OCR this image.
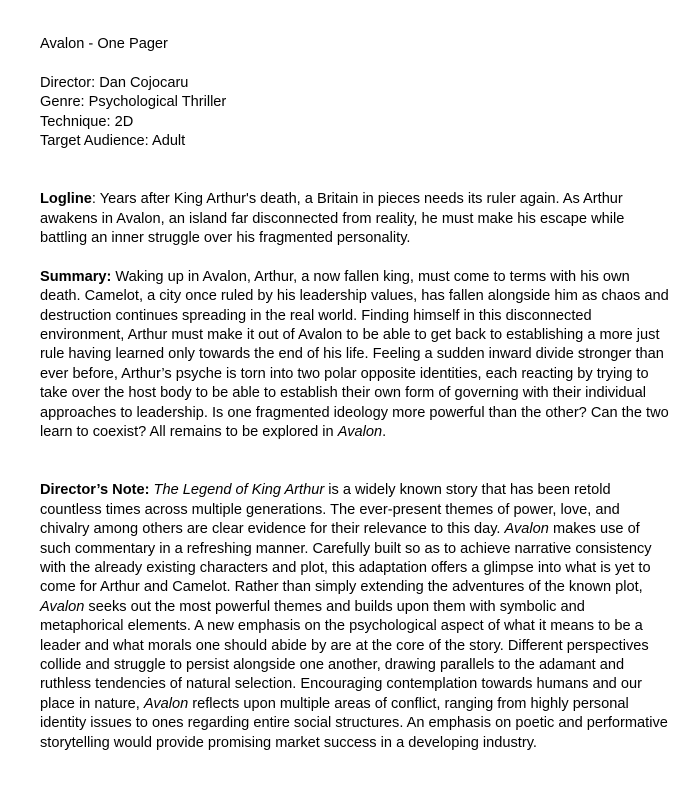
Avalon - One Pager

Director: Dan Cojocaru

Genre: Psychological Thriller

Technique: 2D

Target Audience: Adult

Logline: Years after King Arthur's death, a Britain in pieces needs its ruler again. As Arthur awakens in Avalon, an island far disconnected from reality, he must make his escape while battling an inner struggle over his fragmented personality.

Summary: Waking up in Avalon, Arthur, a now fallen king, must come to terms with his own death. Camelot, a city once ruled by his leadership values, has fallen alongside him as chaos and destruction continues spreading in the real world. Finding himself in this disconnected environment, Arthur must make it out of Avalon to be able to get back to establishing a more just rule having learned only towards the end of his life. Feeling a sudden inward divide stronger than ever before, Arthur’s psyche is torn into two polar opposite identities, each reacting by trying to take over the host body to be able to establish their own form of governing with their individual approaches to leadership. Is one fragmented ideology more powerful than the other? Can the two learn to coexist? All remains to be explored in Avalon.

Director’s Note: The Legend of King Arthur is a widely known story that has been retold countless times across multiple generations. The ever-present themes of power, love, and chivalry among others are clear evidence for their relevance to this day. Avalon makes use of such commentary in a refreshing manner. Carefully built so as to achieve narrative consistency with the already existing characters and plot, this adaptation offers a glimpse into what is yet to come for Arthur and Camelot. Rather than simply extending the adventures of the known plot, Avalon seeks out the most powerful themes and builds upon them with symbolic and metaphorical elements. A new emphasis on the psychological aspect of what it means to be a leader and what morals one should abide by are at the core of the story. Different perspectives collide and struggle to persist alongside one another, drawing parallels to the adamant and ruthless tendencies of natural selection. Encouraging contemplation towards humans and our place in nature, Avalon reflects upon multiple areas of conflict, ranging from highly personal identity issues to ones regarding entire social structures. An emphasis on poetic and performative storytelling would provide promising market success in a developing industry.
